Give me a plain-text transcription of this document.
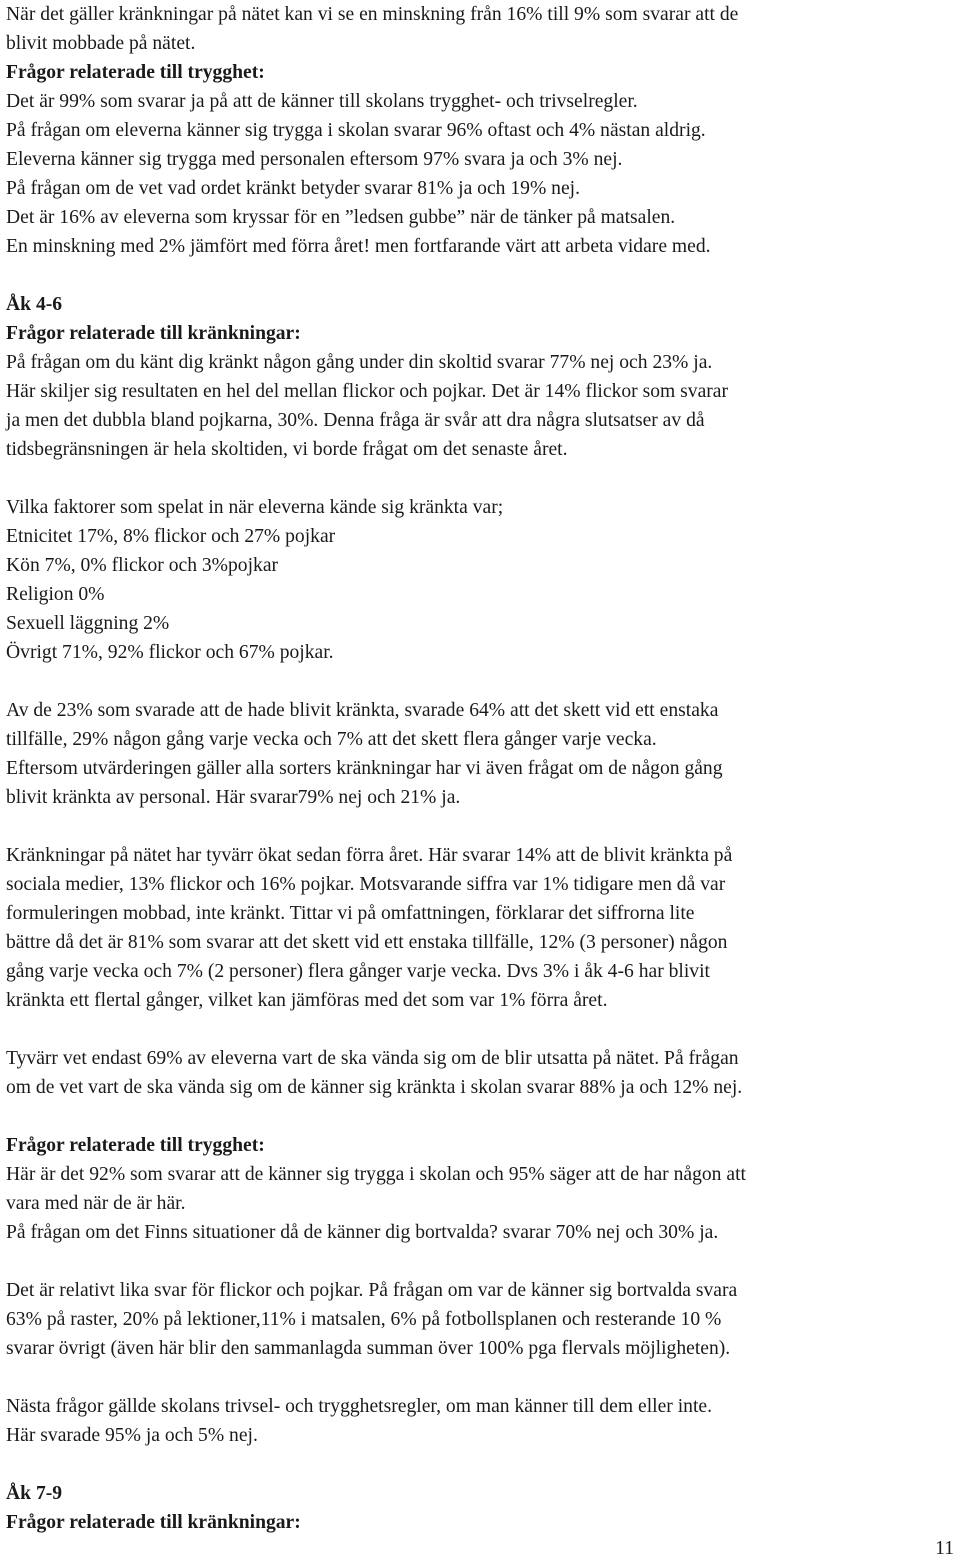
När det gäller kränkningar på nätet kan vi se en minskning från 16% till 9% som svarar att de
blivit mobbade på nätet.
Frågor relaterade till trygghet:
Det är 99% som svarar ja på att de känner till skolans trygghet- och trivselregler.
På frågan om eleverna känner sig trygga i skolan svarar 96% oftast och 4% nästan aldrig.
Eleverna känner sig trygga med personalen eftersom 97% svara ja och 3% nej.
På frågan om de vet vad ordet kränkt betyder svarar 81% ja och 19% nej.
Det är 16% av eleverna som kryssar för en ”ledsen gubbe” när de tänker på matsalen.
En minskning med 2% jämfört med förra året! men fortfarande värt att arbeta vidare med.
Åk 4-6
Frågor relaterade till kränkningar:
På frågan om du känt dig kränkt någon gång under din skoltid svarar 77% nej och 23% ja.
Här skiljer sig resultaten en hel del mellan flickor och pojkar. Det är 14% flickor som svarar
ja men det dubbla bland pojkarna, 30%. Denna fråga är svår att dra några slutsatser av då
tidsbegränsningen är hela skoltiden, vi borde frågat om det senaste året.
Vilka faktorer som spelat in när eleverna kände sig kränkta var;
Etnicitet 17%, 8% flickor och 27% pojkar
Kön 7%, 0% flickor och 3%pojkar
Religion 0%
Sexuell läggning 2%
Övrigt 71%, 92% flickor och 67% pojkar.
Av de 23% som svarade att de hade blivit kränkta, svarade 64% att det skett vid ett enstaka
tillfälle, 29% någon gång varje vecka och 7% att det skett flera gånger varje vecka.
Eftersom utvärderingen gäller alla sorters kränkningar har vi även frågat om de någon gång
blivit kränkta av personal. Här svarar79% nej och 21% ja.
Kränkningar på nätet har tyvärr ökat sedan förra året. Här svarar 14% att de blivit kränkta på
sociala medier, 13% flickor och 16% pojkar. Motsvarande siffra var 1% tidigare men då var
formuleringen mobbad, inte kränkt. Tittar vi på omfattningen, förklarar det siffrorna lite
bättre då det är 81% som svarar att det skett vid ett enstaka tillfälle, 12% (3 personer) någon
gång varje vecka och 7% (2 personer) flera gånger varje vecka. Dvs 3% i åk 4-6 har blivit
kränkta ett flertal gånger, vilket kan jämföras med det som var 1% förra året.
Tyvärr vet endast 69% av eleverna vart de ska vända sig om de blir utsatta på nätet. På frågan
om de vet vart de ska vända sig om de känner sig kränkta i skolan svarar 88% ja och 12% nej.
Frågor relaterade till trygghet:
Här är det 92% som svarar att de känner sig trygga i skolan och 95% säger att de har någon att
vara med när de är här.
På frågan om det Finns situationer då de känner dig bortvalda? svarar 70% nej och 30% ja.
Det är relativt lika svar för flickor och pojkar. På frågan om var de känner sig bortvalda svara
63% på raster, 20% på lektioner,11% i matsalen, 6% på fotbollsplanen och resterande 10 %
svarar övrigt (även här blir den sammanlagda summan över 100% pga flervals möjligheten).
Nästa frågor gällde skolans trivsel- och trygghetsregler, om man känner till dem eller inte.
Här svarade 95% ja och 5% nej.
Åk 7-9
Frågor relaterade till kränkningar:
11
